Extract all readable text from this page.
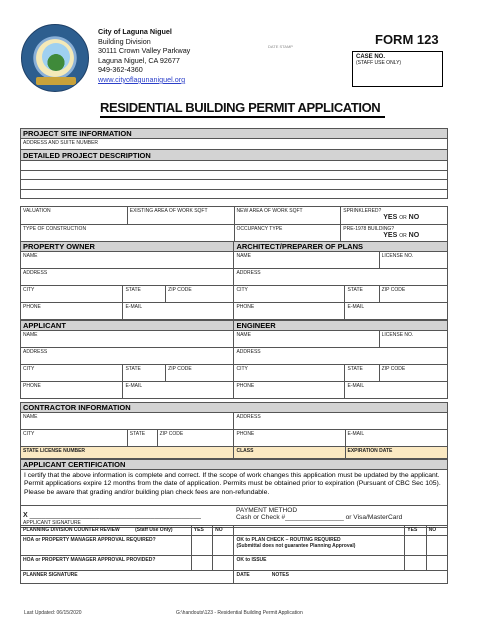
City of Laguna Niguel
Building Division
30111 Crown Valley Parkway
Laguna Niguel, CA 92677
949-362-4360
www.cityoflagunaniguel.org
DATE STAMP	FORM 123
CASE NO.
(STAFF USE ONLY)
RESIDENTIAL BUILDING PERMIT APPLICATION
PROJECT SITE INFORMATION
ADDRESS AND SUITE NUMBER
DETAILED PROJECT DESCRIPTION

VALUATION	EXISTING AREA OF WORK SQFT	NEW AREA OF WORK SQFT	SPRINKLERED?
YES OR NO
TYPE OF CONSTRUCTION		OCCUPANCY TYPE	PRE-1978 BUILDING?
YES OR NO
PROPERTY OWNER			ARCHITECT/PREPARER OF PLANS		
NAME			NAME		LICENSE NO.
ADDRESS			ADDRESS		
CITY	STATE	ZIP CODE	CITY	STATE	ZIP CODE
PHONE	E-MAIL		PHONE	E-MAIL	
APPLICANT			ENGINEER		
NAME			NAME		LICENSE NO.
ADDRESS			ADDRESS		
CITY	STATE	ZIP CODE	CITY	STATE	ZIP CODE
PHONE	E-MAIL		PHONE	E-MAIL	
CONTRACTOR INFORMATION				
NAME			ADDRESS	
CITY	STATE	ZIP CODE	PHONE	E-MAIL
STATE LICENSE NUMBER			CLASS	EXPIRATION DATE
APPLICANT CERTIFICATION
I certify that the above information is complete and correct. If the scope of work changes this application must be updated by the applicant. Permit applications expire 12 months from the date of application. Permits must be obtained prior to expiration (Pursuant of CBC Sec 105). Please be aware that grading and/or building plan check fees are non-refundable.
X ____________________________________________
APPLICANT SIGNATURE	PAYMENT METHOD
Cash or Check #________________ or Visa/MasterCard
PLANNING DIVISION COUNTER REVIEW (Staff Use Only)	YES	NO		YES	NO
HOA or PROPERTY MANAGER APPROVAL REQUIRED?			OK to PLAN CHECK – ROUTING REQUIRED
(Submittal does not guarantee Planning Approval)		
HOA or PROPERTY MANAGER APPROVAL PROVIDED?			OK to ISSUE		
PLANNER SIGNATURE			DATE NOTES		
Last Updated: 06/15/2020	G:\handouts\123 - Residential Building Permit Application
